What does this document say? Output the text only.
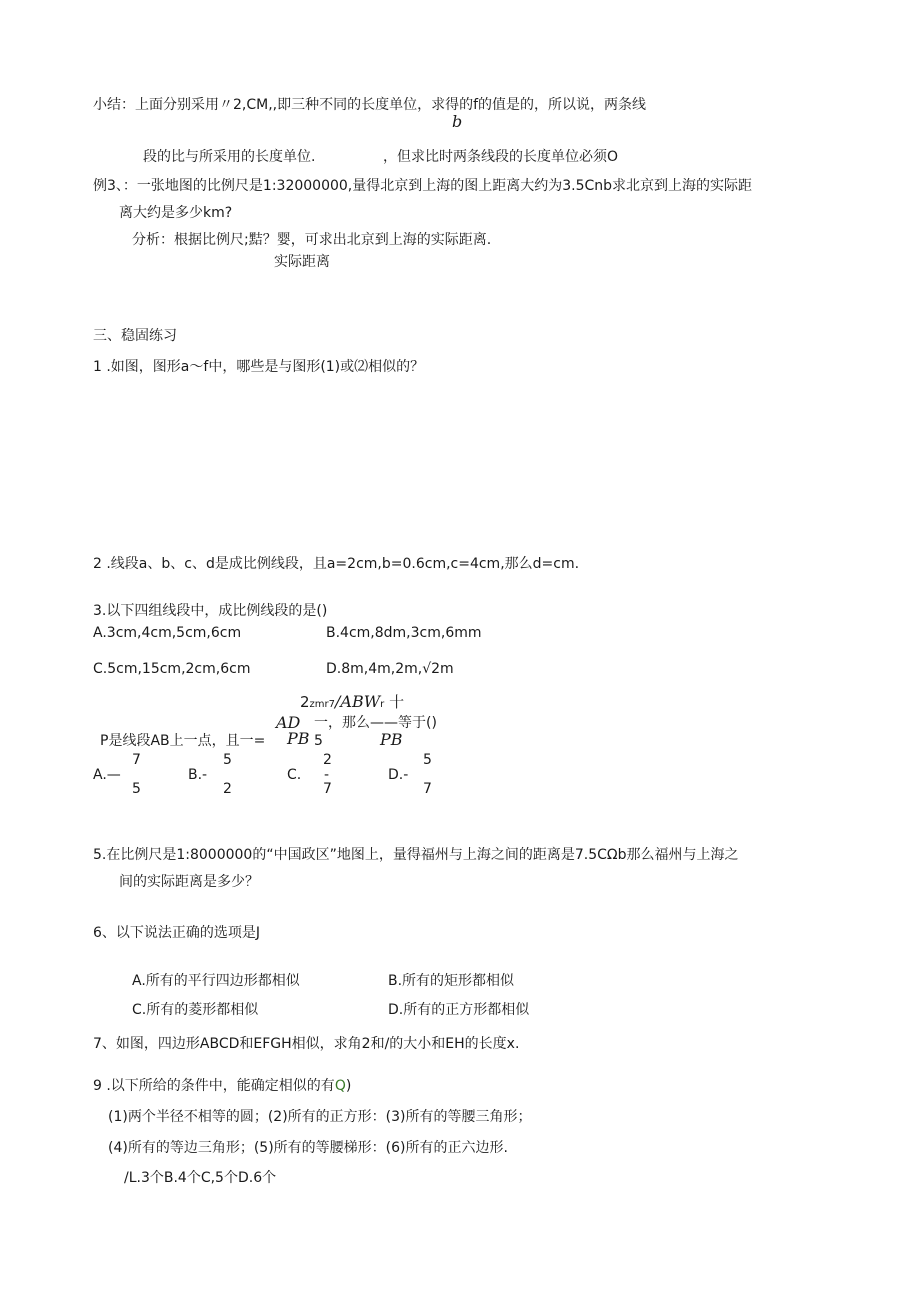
小结：上面分别采用〃2,CM,,即三种不同的长度单位，求得的f的值是的，所以说，两条线
b
段的比与所采用的长度单位.	，但求比时两条线段的长度单位必须O
例3、：一张地图的比例尺是1:32000000,量得北京到上海的图上距离大约为3.5Cnb求北京到上海的实际距
离大约是多少km?
分析：根据比例尺;黠？婴，可求出北京到上海的实际距离.
实际距离
三、稳固练习
1 .如图，图形a～f中，哪些是与图形(1)或⑵相似的？
2 .线段a、b、c、d是成比例线段，且a=2cm,b=0.6cm,c=4cm,那么d=cm.
3.以下四组线段中，成比例线段的是()
A.3cm,4cm,5cm,6cm	B.4cm,8dm,3cm,6mm
C.5cm,15cm,2cm,6cm	D.8m,4m,2m,√2m
2zmr7/ABWr 十
AD 一，那么——等于()
P是线段AB上一点，且一= PB 5	PB
7
A.—
5
5
B.-
2
2
C. -
7
5
D.-
7
5.在比例尺是1:8000000的“中国政区”地图上，量得福州与上海之间的距离是7.5CΩb那么福州与上海之
间的实际距离是多少？
6、以下说法正确的选项是J
A.所有的平行四边形都相似	B.所有的矩形都相似
C.所有的菱形都相似	D.所有的正方形都相似
7、如图，四边形ABCD和EFGH相似，求角2和/的大小和EH的长度x.
9 .以下所给的条件中，能确定相似的有Q)
(1)两个半径不相等的圆；(2)所有的正方形：(3)所有的等腰三角形；
(4)所有的等边三角形；(5)所有的等腰梯形：(6)所有的正六边形.
/L.3个B.4个C,5个D.6个
